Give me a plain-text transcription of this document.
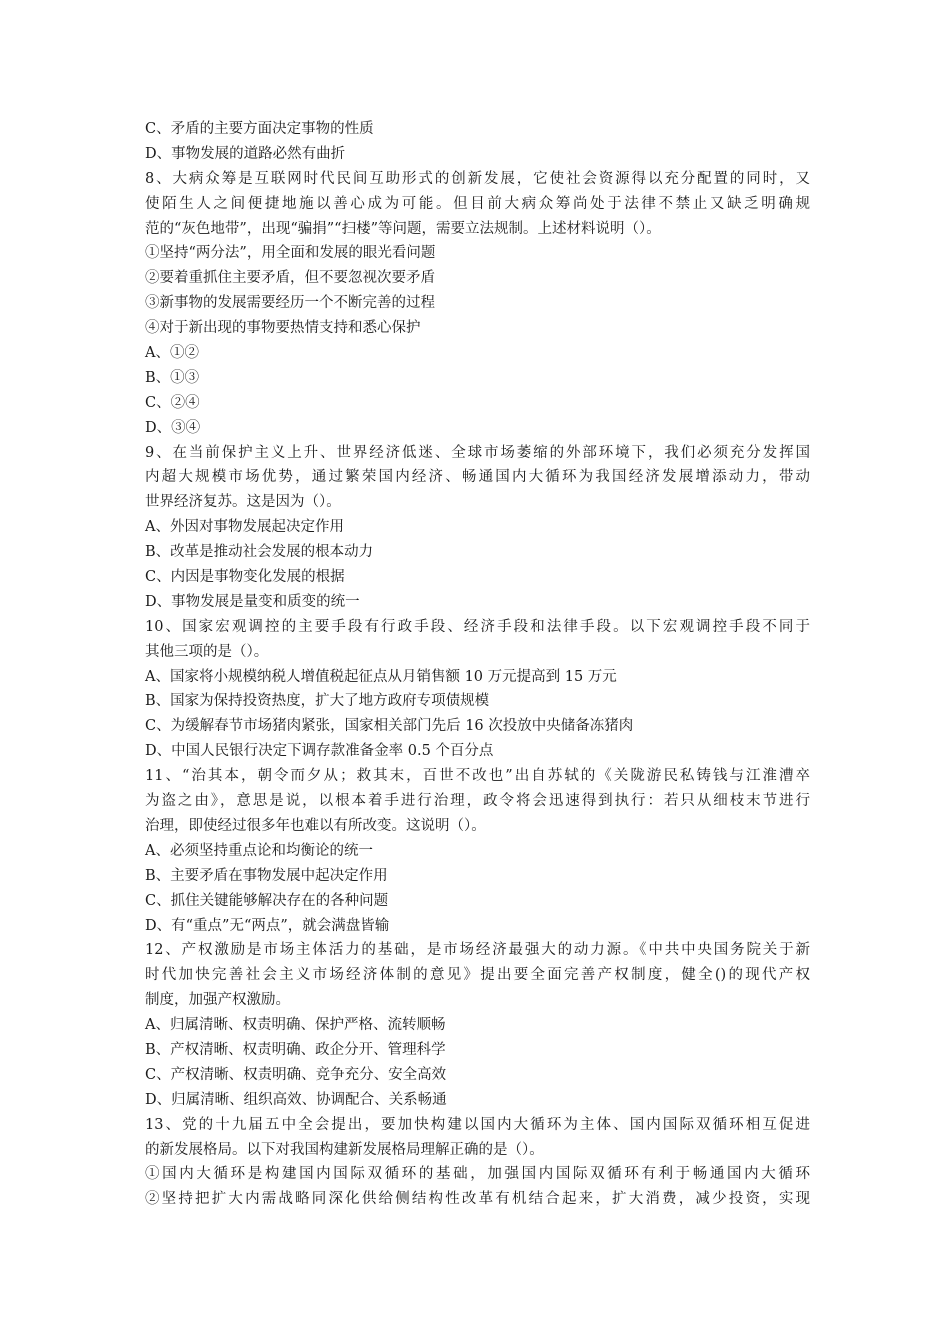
C、矛盾的主要方面决定事物的性质
D、事物发展的道路必然有曲折
8、大病众筹是互联网时代民间互助形式的创新发展，它使社会资源得以充分配置的同时，又
使陌生人之间便捷地施以善心成为可能。但目前大病众筹尚处于法律不禁止又缺乏明确规
范的“灰色地带”，出现“骗捐”“扫楼”等问题，需要立法规制。上述材料说明（）。
①坚持“两分法”，用全面和发展的眼光看问题
②要着重抓住主要矛盾，但不要忽视次要矛盾
③新事物的发展需要经历一个不断完善的过程
④对于新出现的事物要热情支持和悉心保护
A、①②
B、①③
C、②④
D、③④
9、在当前保护主义上升、世界经济低迷、全球市场萎缩的外部环境下，我们必须充分发挥国
内超大规模市场优势，通过繁荣国内经济、畅通国内大循环为我国经济发展增添动力，带动
世界经济复苏。这是因为（）。
A、外因对事物发展起决定作用
B、改革是推动社会发展的根本动力
C、内因是事物变化发展的根据
D、事物发展是量变和质变的统一
10、国家宏观调控的主要手段有行政手段、经济手段和法律手段。以下宏观调控手段不同于
其他三项的是（）。
A、国家将小规模纳税人增值税起征点从月销售额 10 万元提高到 15 万元
B、国家为保持投资热度，扩大了地方政府专项债规模
C、为缓解春节市场猪肉紧张，国家相关部门先后 16 次投放中央储备冻猪肉
D、中国人民银行决定下调存款准备金率 0.5 个百分点
11、“治其本，朝令而夕从；救其末，百世不改也”出自苏轼的《关陇游民私铸钱与江淮漕卒
为盗之由》，意思是说，以根本着手进行治理，政令将会迅速得到执行：若只从细枝末节进行
治理，即使经过很多年也难以有所改变。这说明（）。
A、必须坚持重点论和均衡论的统一
B、主要矛盾在事物发展中起决定作用
C、抓住关键能够解决存在的各种问题
D、有“重点”无“两点”，就会满盘皆输
12、产权激励是市场主体活力的基础，是市场经济最强大的动力源。《中共中央国务院关于新
时代加快完善社会主义市场经济体制的意见》提出要全面完善产权制度，健全()的现代产权
制度，加强产权激励。
A、归属清晰、权责明确、保护严格、流转顺畅
B、产权清晰、权责明确、政企分开、管理科学
C、产权清晰、权责明确、竞争充分、安全高效
D、归属清晰、组织高效、协调配合、关系畅通
13、党的十九届五中全会提出，要加快构建以国内大循环为主体、国内国际双循环相互促进
的新发展格局。以下对我国构建新发展格局理解正确的是（）。
①国内大循环是构建国内国际双循环的基础，加强国内国际双循环有利于畅通国内大循环
②坚持把扩大内需战略同深化供给侧结构性改革有机结合起来，扩大消费，减少投资，实现
